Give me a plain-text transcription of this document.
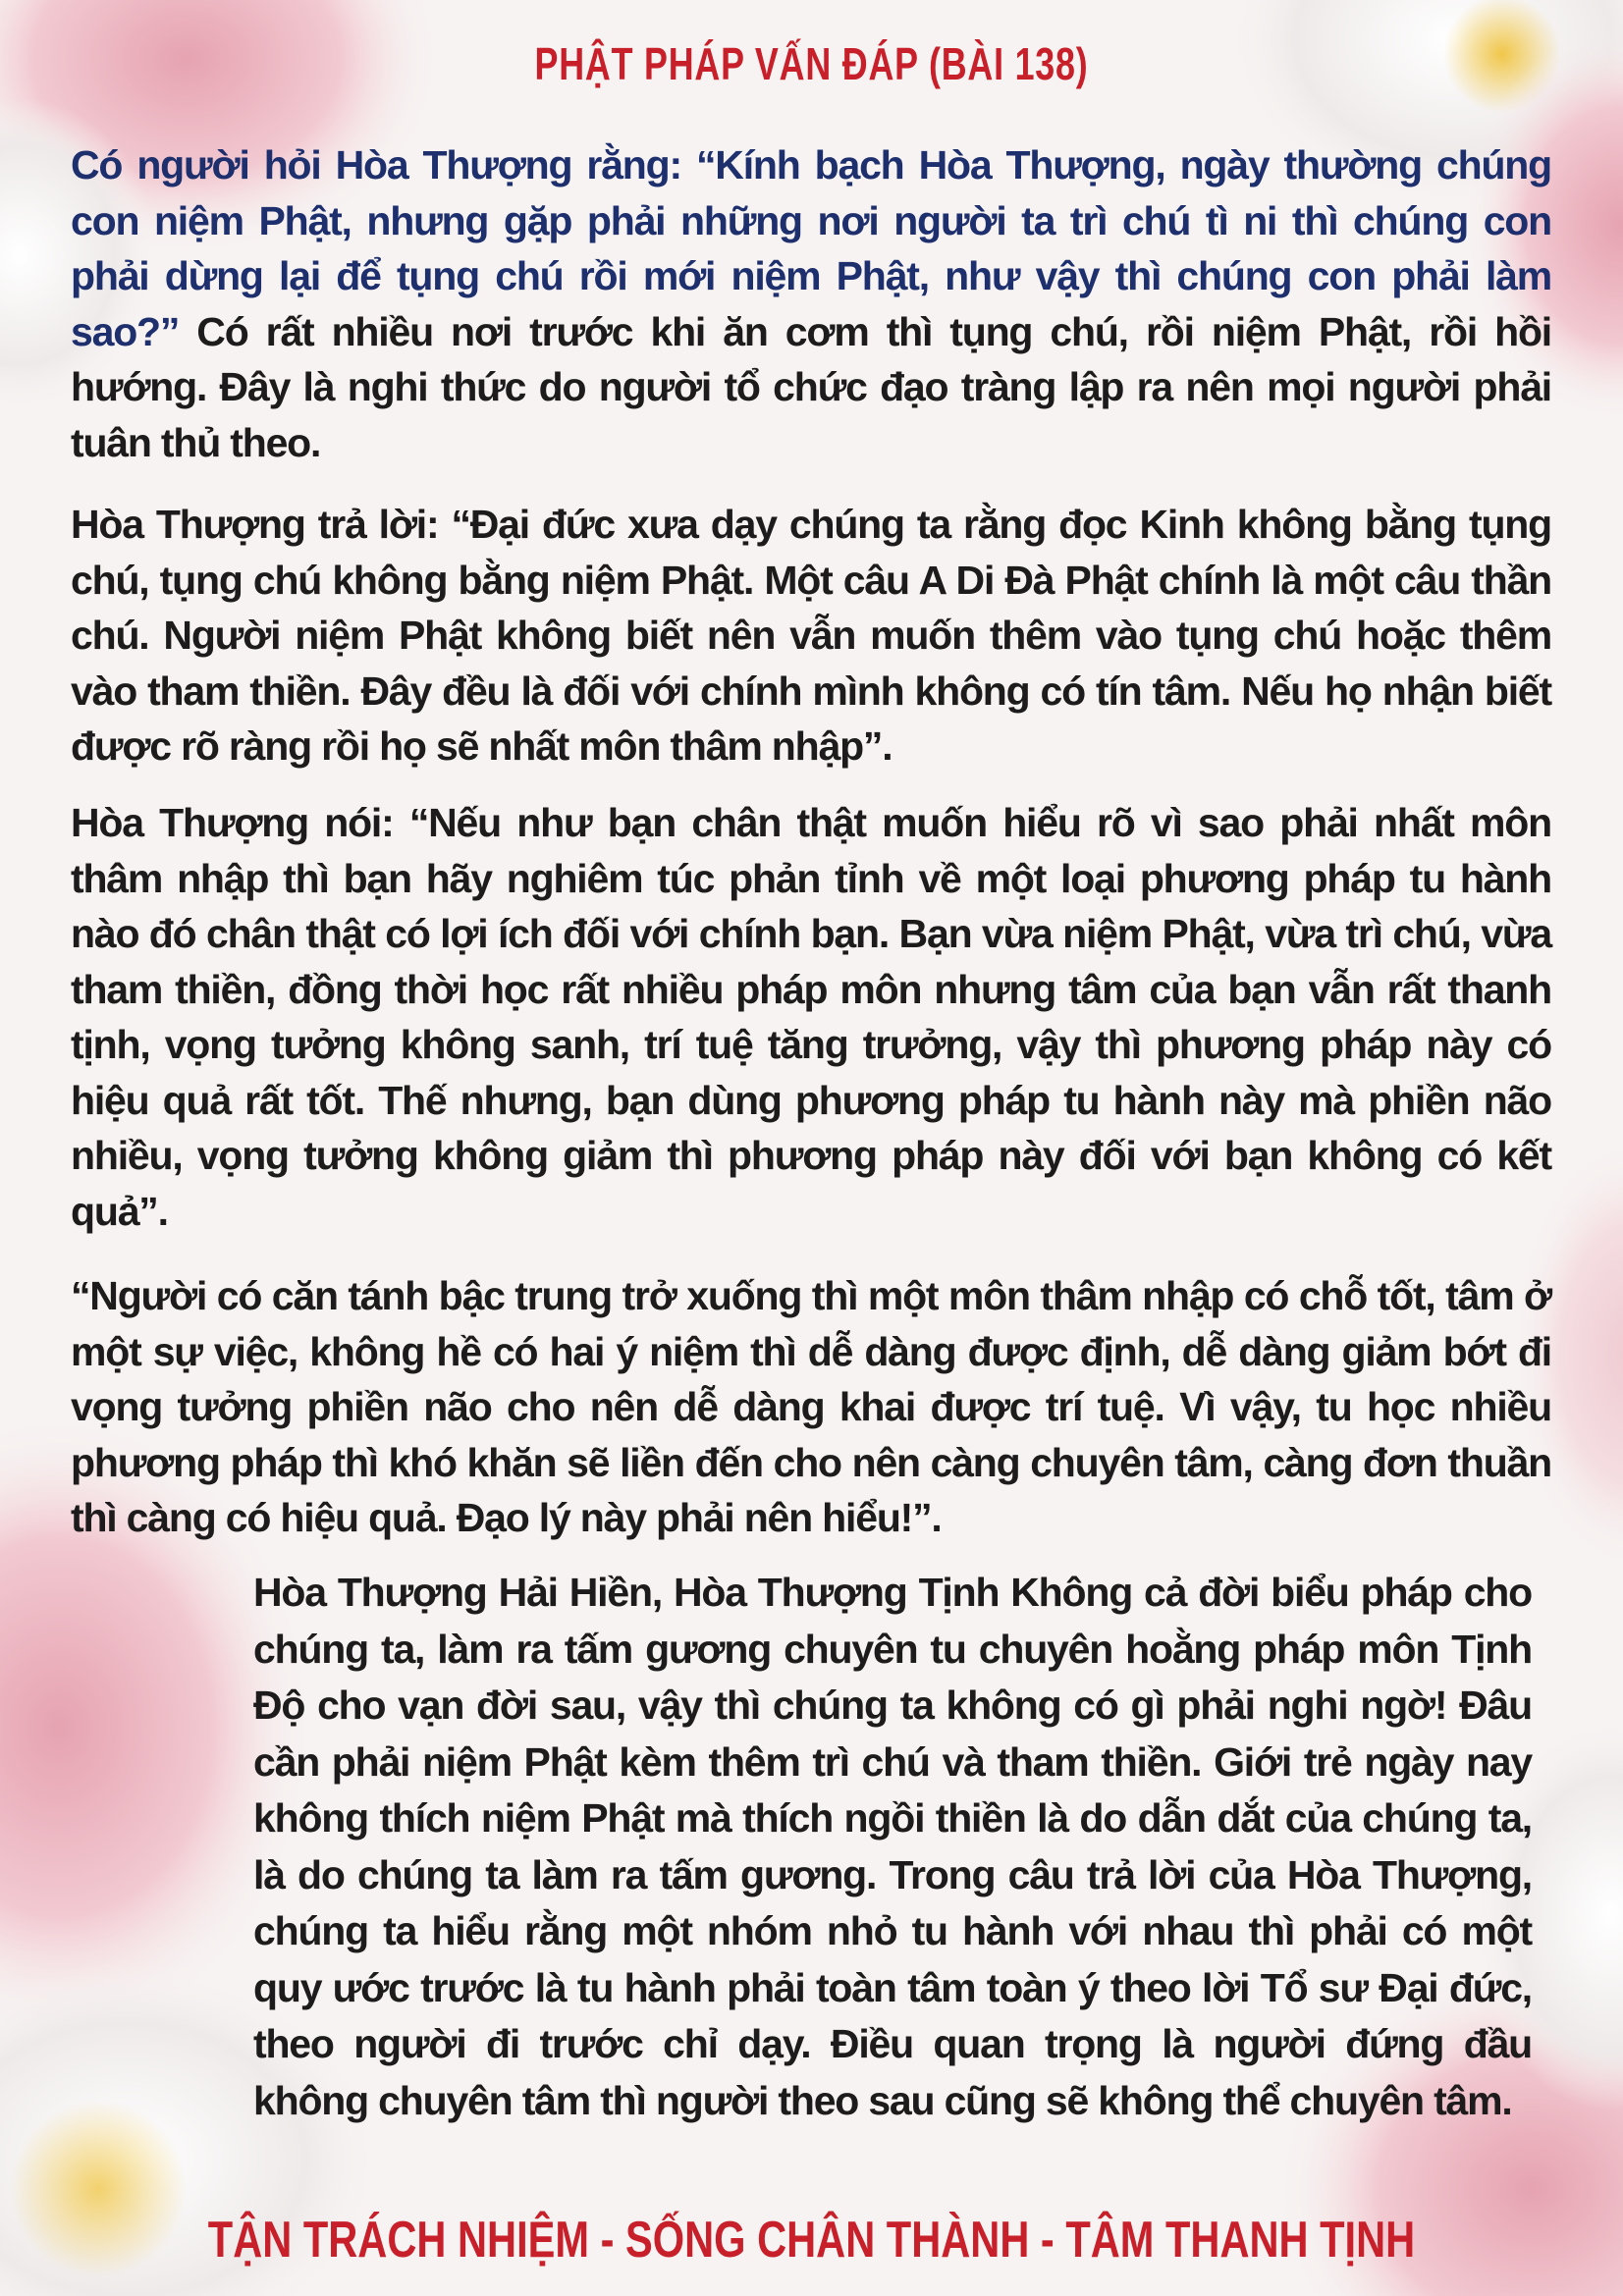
PHẬT PHÁP VẤN ĐÁP (BÀI 138)
Có người hỏi Hòa Thượng rằng: “Kính bạch Hòa Thượng, ngày thường chúng con niệm Phật, nhưng gặp phải những nơi người ta trì chú tì ni thì chúng con phải dừng lại để tụng chú rồi mới niệm Phật, như vậy thì chúng con phải làm sao?” Có rất nhiều nơi trước khi ăn cơm thì tụng chú, rồi niệm Phật, rồi hồi hướng. Đây là nghi thức do người tổ chức đạo tràng lập ra nên mọi người phải tuân thủ theo.
Hòa Thượng trả lời: “Đại đức xưa dạy chúng ta rằng đọc Kinh không bằng tụng chú, tụng chú không bằng niệm Phật. Một câu A Di Đà Phật chính là một câu thần chú. Người niệm Phật không biết nên vẫn muốn thêm vào tụng chú hoặc thêm vào tham thiền. Đây đều là đối với chính mình không có tín tâm. Nếu họ nhận biết được rõ ràng rồi họ sẽ nhất môn thâm nhập”.
Hòa Thượng nói: “Nếu như bạn chân thật muốn hiểu rõ vì sao phải nhất môn thâm nhập thì bạn hãy nghiêm túc phản tỉnh về một loại phương pháp tu hành nào đó chân thật có lợi ích đối với chính bạn. Bạn vừa niệm Phật, vừa trì chú, vừa tham thiền, đồng thời học rất nhiều pháp môn nhưng tâm của bạn vẫn rất thanh tịnh, vọng tưởng không sanh, trí tuệ tăng trưởng, vậy thì phương pháp này có hiệu quả rất tốt. Thế nhưng, bạn dùng phương pháp tu hành này mà phiền não nhiều, vọng tưởng không giảm thì phương pháp này đối với bạn không có kết quả”.
“Người có căn tánh bậc trung trở xuống thì một môn thâm nhập có chỗ tốt, tâm ở một sự việc, không hề có hai ý niệm thì dễ dàng được định, dễ dàng giảm bớt đi vọng tưởng phiền não cho nên dễ dàng khai được trí tuệ. Vì vậy, tu học nhiều phương pháp thì khó khăn sẽ liền đến cho nên càng chuyên tâm, càng đơn thuần thì càng có hiệu quả. Đạo lý này phải nên hiểu!”.
Hòa Thượng Hải Hiền, Hòa Thượng Tịnh Không cả đời biểu pháp cho chúng ta, làm ra tấm gương chuyên tu chuyên hoằng pháp môn Tịnh Độ cho vạn đời sau, vậy thì chúng ta không có gì phải nghi ngờ! Đâu cần phải niệm Phật kèm thêm trì chú và tham thiền. Giới trẻ ngày nay không thích niệm Phật mà thích ngồi thiền là do dẫn dắt của chúng ta, là do chúng ta làm ra tấm gương. Trong câu trả lời của Hòa Thượng, chúng ta hiểu rằng một nhóm nhỏ tu hành với nhau thì phải có một quy ước trước là tu hành phải toàn tâm toàn ý theo lời Tổ sư Đại đức, theo người đi trước chỉ dạy. Điều quan trọng là người đứng đầu không chuyên tâm thì người theo sau cũng sẽ không thể chuyên tâm.
TẬN TRÁCH NHIỆM - SỐNG CHÂN THÀNH - TÂM THANH TỊNH
